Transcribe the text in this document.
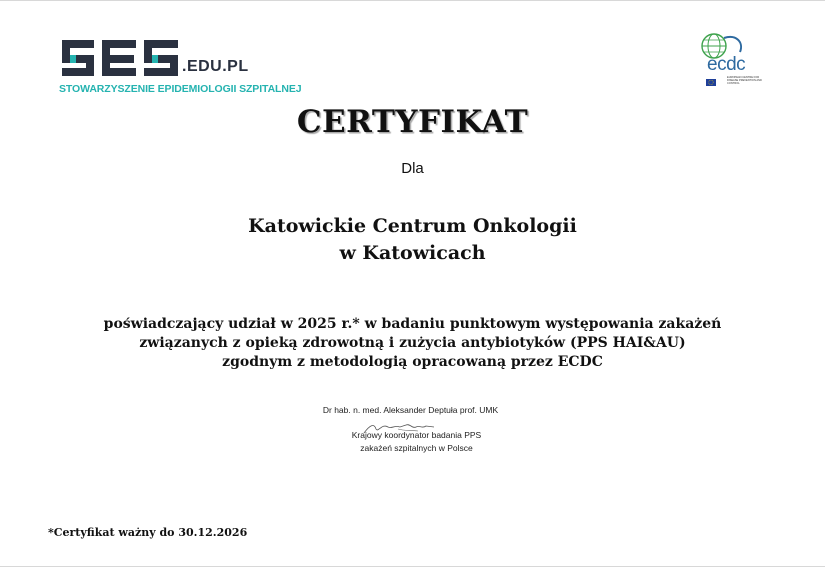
.EDU.PL
STOWARZYSZENIE EPIDEMIOLOGII SZPITALNEJ
ecdc
EUROPEAN CENTRE FOR DISEASE PREVENTION AND CONTROL
CERTYFIKAT
Dla
Katowickie Centrum Onkologii
w Katowicach
poświadczający udział w 2025 r.* w badaniu punktowym występowania zakażeń
związanych z opieką zdrowotną i zużycia antybiotyków (PPS HAI&AU)
zgodnym z metodologią opracowaną przez ECDC
Dr hab. n. med. Aleksander Deptuła prof. UMK
Krajowy koordynator badania PPS
zakażeń szpitalnych w Polsce
*Certyfikat ważny do 30.12.2026
